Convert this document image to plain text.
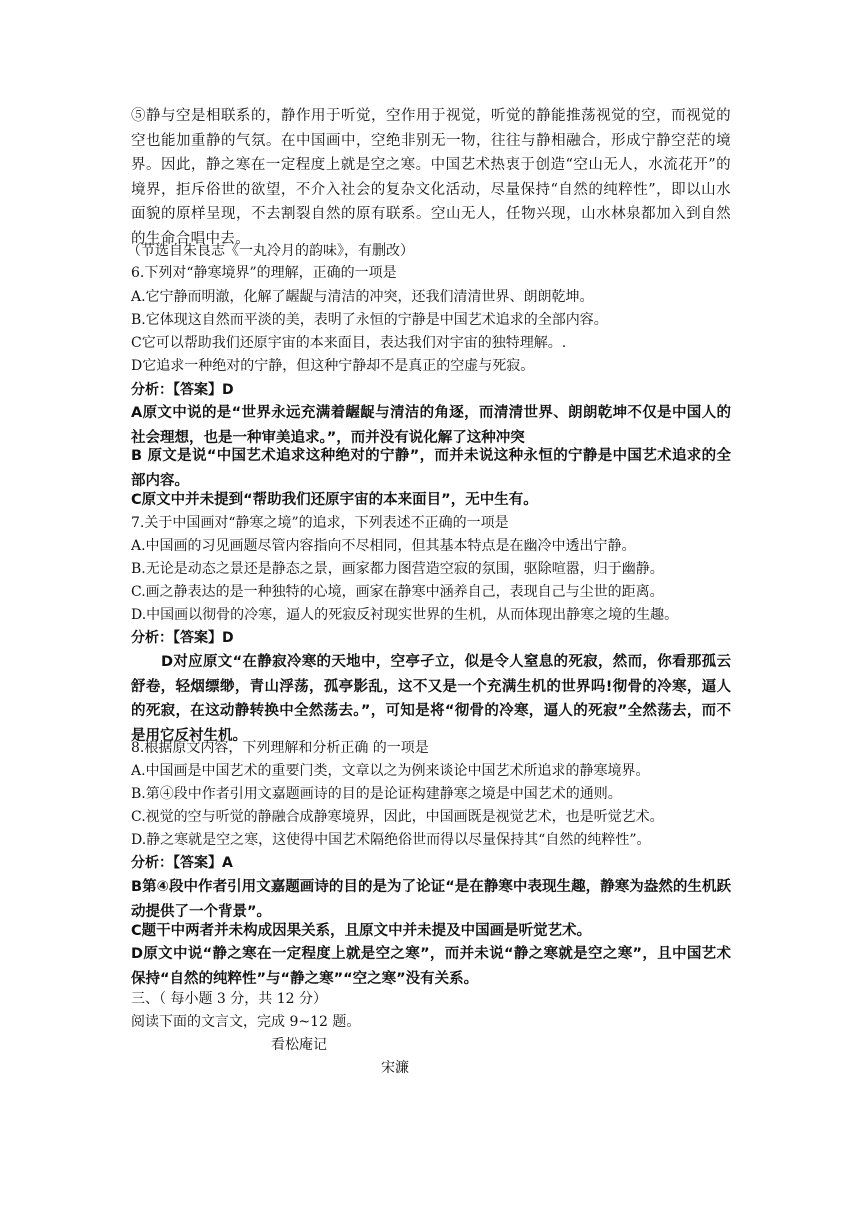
⑤静与空是相联系的，静作用于听觉，空作用于视觉，听觉的静能推荡视觉的空，而视觉的空也能加重静的气氛。在中国画中，空绝非别无一物，往往与静相融合，形成宁静空茫的境界。因此，静之寒在一定程度上就是空之寒。中国艺术热衷于创造“空山无人，水流花开”的境界，拒斥俗世的欲望，不介入社会的复杂文化活动，尽量保持“自然的纯粹性”，即以山水面貌的原样呈现，不去割裂自然的原有联系。空山无人，任物兴现，山水林泉都加入到自然的生命合唱中去。

（节选自朱良志《一丸冷月的韵味》，有删改）
6.下列对“静寒境界”的理解，正确的一项是
A.它宁静而明澈，化解了龌龊与清洁的冲突，还我们清清世界、朗朗乾坤。
B.它体现这自然而平淡的美，表明了永恒的宁静是中国艺术追求的全部内容。
C它可以帮助我们还原宇宙的本来面目，表达我们对宇宙的独特理解。.
D它追求一种绝对的宁静，但这种宁静却不是真正的空虚与死寂。
分析：【答案】D

A原文中说的是“世界永远充满着龌龊与清洁的角逐，而清清世界、朗朗乾坤不仅是中国人的社会理想，也是一种审美追求。”，而并没有说化解了这种冲突

B 原文是说“中国艺术追求这种绝对的宁静”，而并未说这种永恒的宁静是中国艺术追求的全部内容。

C原文中并未提到“帮助我们还原宇宙的本来面目”，无中生有。

7.关于中国画对“静寒之境”的追求，下列表述不正确的一项是
A.中国画的习见画题尽管内容指向不尽相同，但其基本特点是在幽冷中透出宁静。
B.无论是动态之景还是静态之景，画家都力图营造空寂的氛围，驱除喧嚣，归于幽静。
C.画之静表达的是一种独特的心境，画家在静寒中涵养自己，表现自己与尘世的距离。
D.中国画以彻骨的冷寒，逼人的死寂反衬现实世界的生机，从而体现出静寒之境的生趣。
分析：【答案】D

D对应原文“在静寂冷寒的天地中，空亭孑立，似是令人窒息的死寂，然而，你看那孤云舒卷，轻烟缥缈，青山浮荡，孤亭影乱，这不又是一个充满生机的世界吗!彻骨的冷寒，逼人的死寂，在这动静转换中全然荡去。”，可知是将“彻骨的冷寒，逼人的死寂”全然荡去，而不是用它反衬生机。

8.根据原文内容，下列理解和分析正确 的一项是
A.中国画是中国艺术的重要门类，文章以之为例来谈论中国艺术所追求的静寒境界。
B.第④段中作者引用文嘉题画诗的目的是论证构建静寒之境是中国艺术的通则。
C.视觉的空与听觉的静融合成静寒境界，因此，中国画既是视觉艺术，也是听觉艺术。
D.静之寒就是空之寒，这使得中国艺术隔绝俗世而得以尽量保持其“自然的纯粹性”。
分析：【答案】A

B第④段中作者引用文嘉题画诗的目的是为了论证“是在静寒中表现生趣，静寒为盎然的生机跃动提供了一个背景”。

C题干中两者并未构成因果关系，且原文中并未提及中国画是听觉艺术。

D原文中说“静之寒在一定程度上就是空之寒”，而并未说“静之寒就是空之寒”，且中国艺术保持“自然的纯粹性”与“静之寒”“空之寒”没有关系。

三、（ 每小题 3 分，共 12 分）
阅读下面的文言文，完成 9~12 题。
看松庵记
宋濂
